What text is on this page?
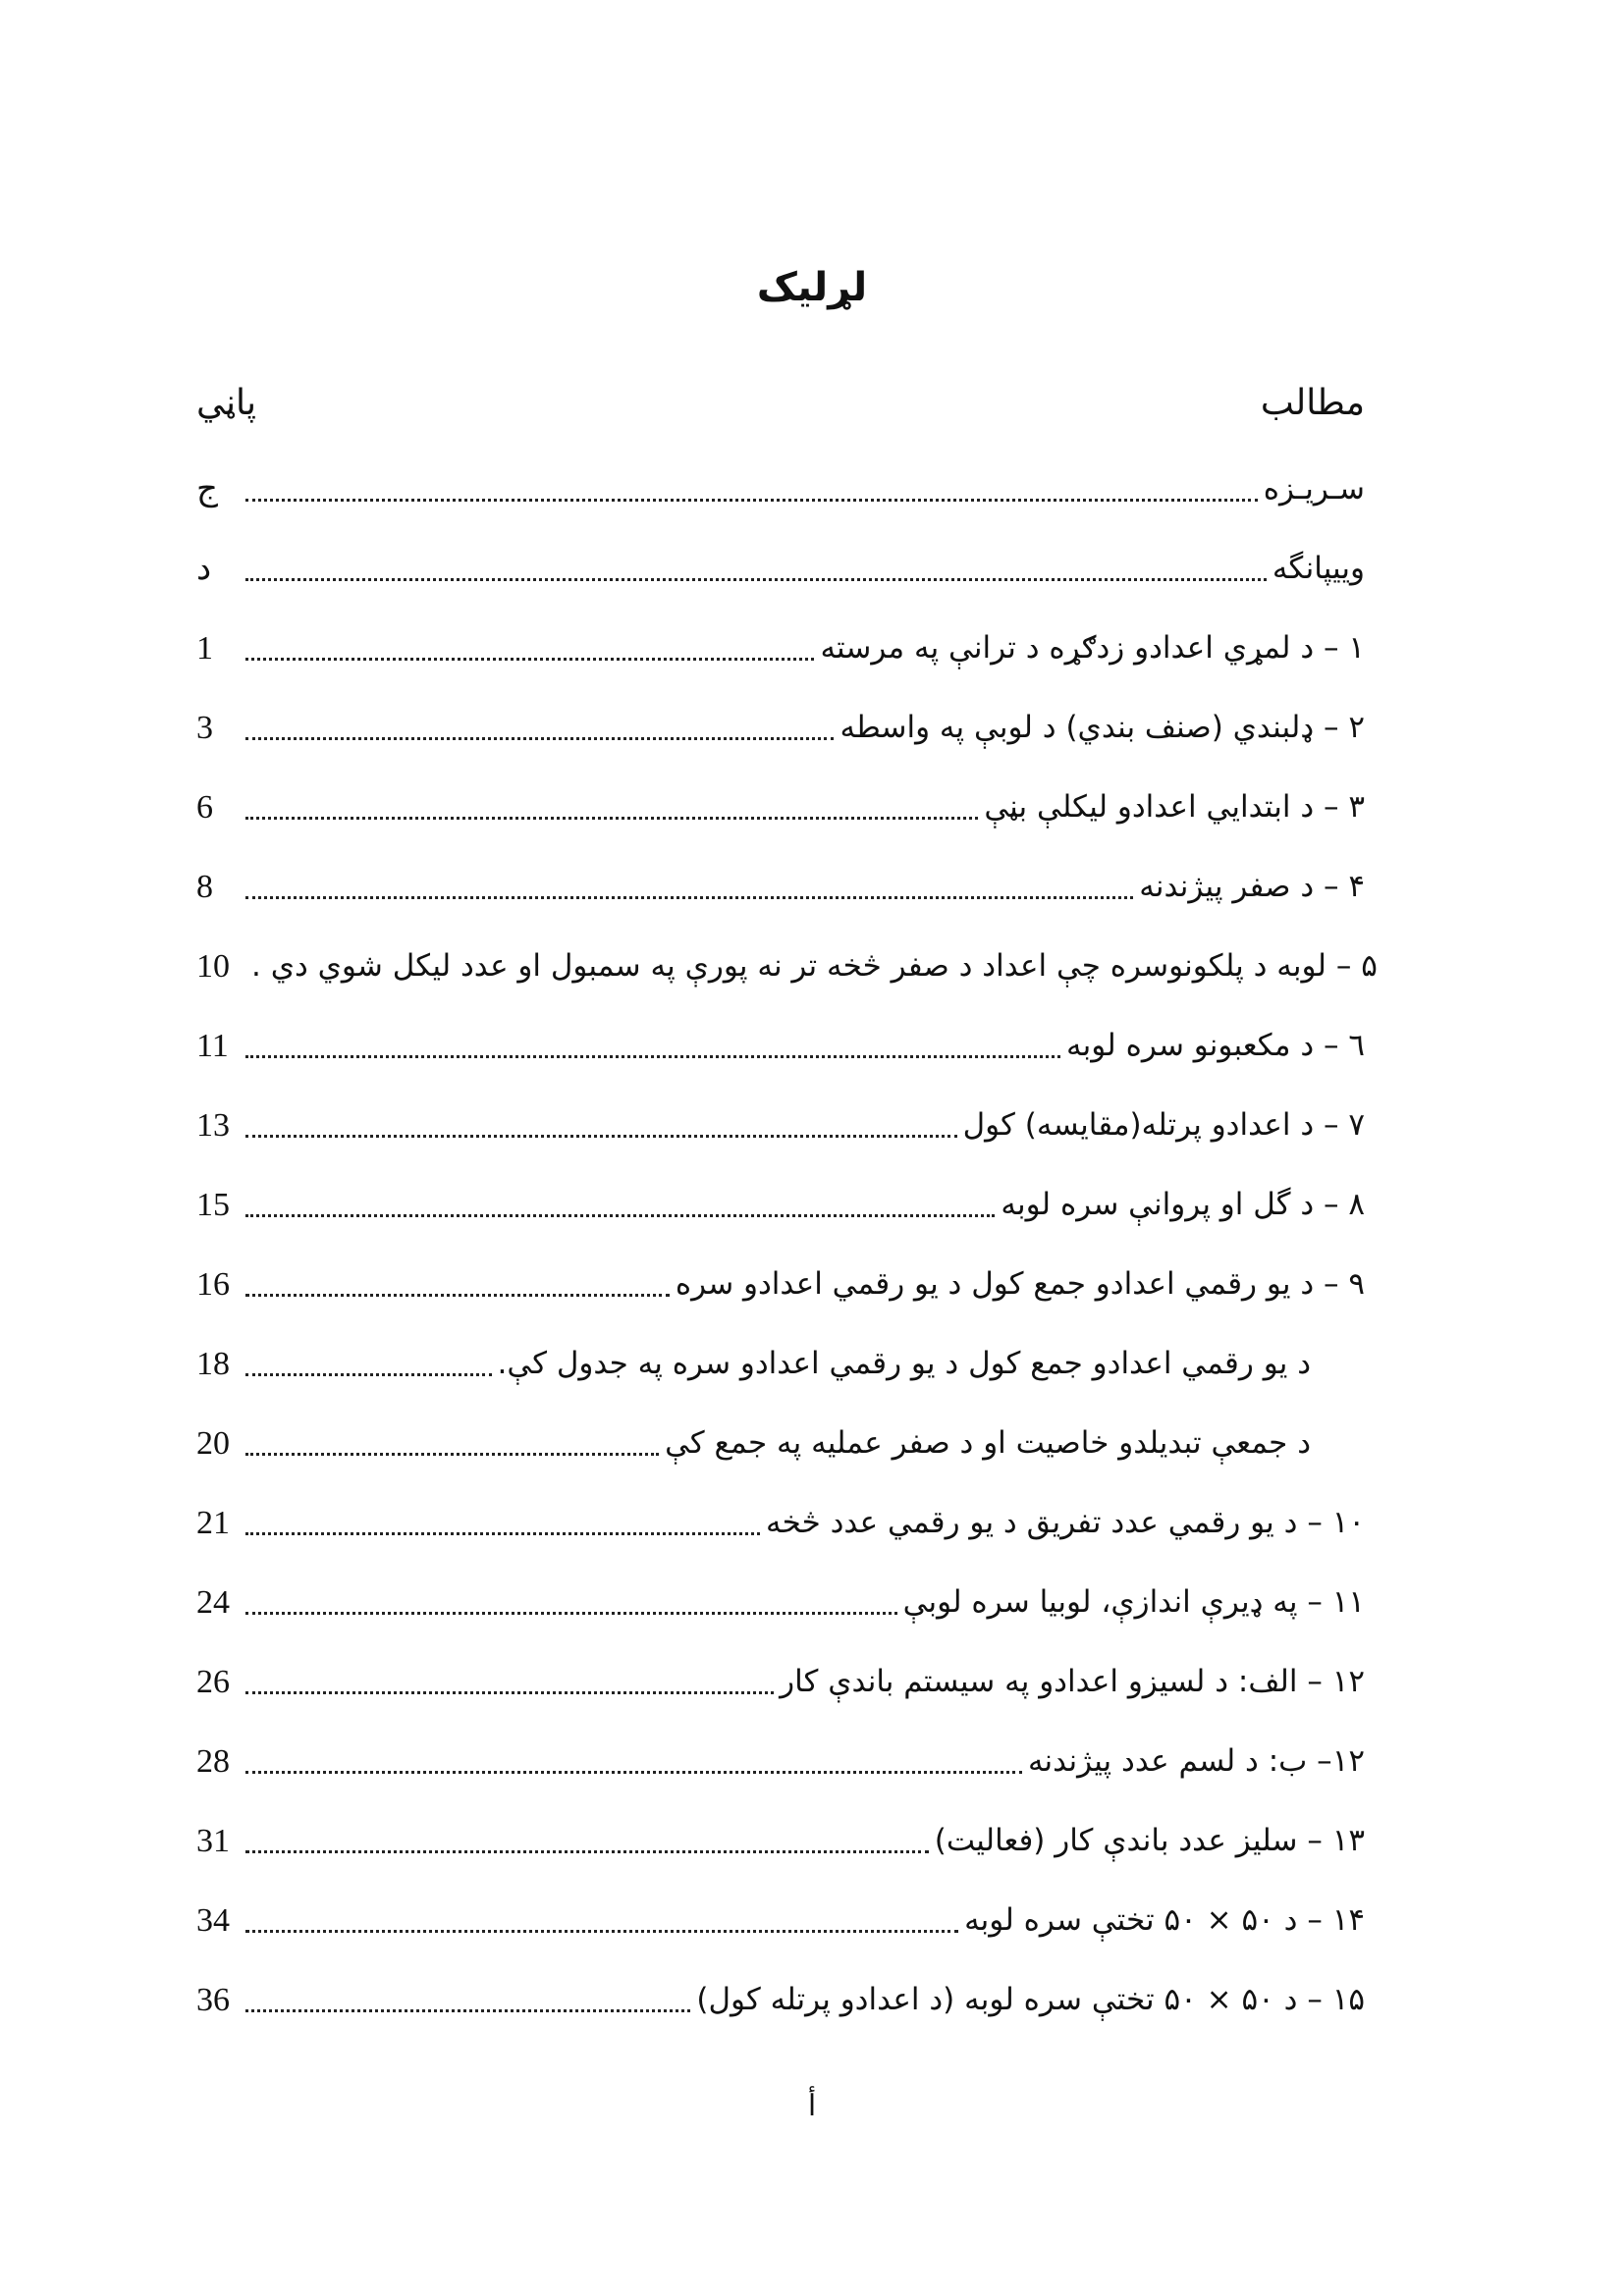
لړليک
مطالب
پاڼي
ج	سـريـزه
د	وييپانگه
1	۱ – د لمړي اعدادو زدګړه د ترانې په مرسته
3	۲ – ډلبندي (صنف بندي) د لوبې په واسطه
6	۳ – د ابتدايي اعدادو ليکلې بڼې
8	۴ – د صفر پيژندنه
10 ۵ – لوبه د پلکونوسره چې اعداد د صفر څخه تر نه پورې په سمبول او عدد ليکل شوي دي .
11	٦ – د مکعبونو سره لوبه
13	۷ – د اعدادو پرتله(مقايسه) کول
15	۸ – د گل او پروانې سره لوبه
16	۹ – د يو رقمي اعدادو جمع کول د يو رقمي اعدادو سره
18	د يو رقمي اعدادو جمع کول د يو رقمي اعدادو سره په جدول کې.
20	د جمعې تبديلدو خاصيت او د صفر عمليه په جمع کې
21	۱۰ – د يو رقمي عدد تفريق د يو رقمي عدد څخه
24	۱۱ – په ډيرې اندازې، لوبيا سره لوبې
26	۱۲ – الف: د لسيزو اعدادو په سيستم باندې کار
28	۱۲– ب: د لسم عدد پيژندنه
31	۱۳ – سليز عدد باندې کار (فعاليت)
34	۱۴ – د ۵۰ × ۵۰ تختې سره لوبه
36	۱۵ – د ۵۰ × ۵۰ تختې سره لوبه (د اعدادو پرتله کول)
أ
